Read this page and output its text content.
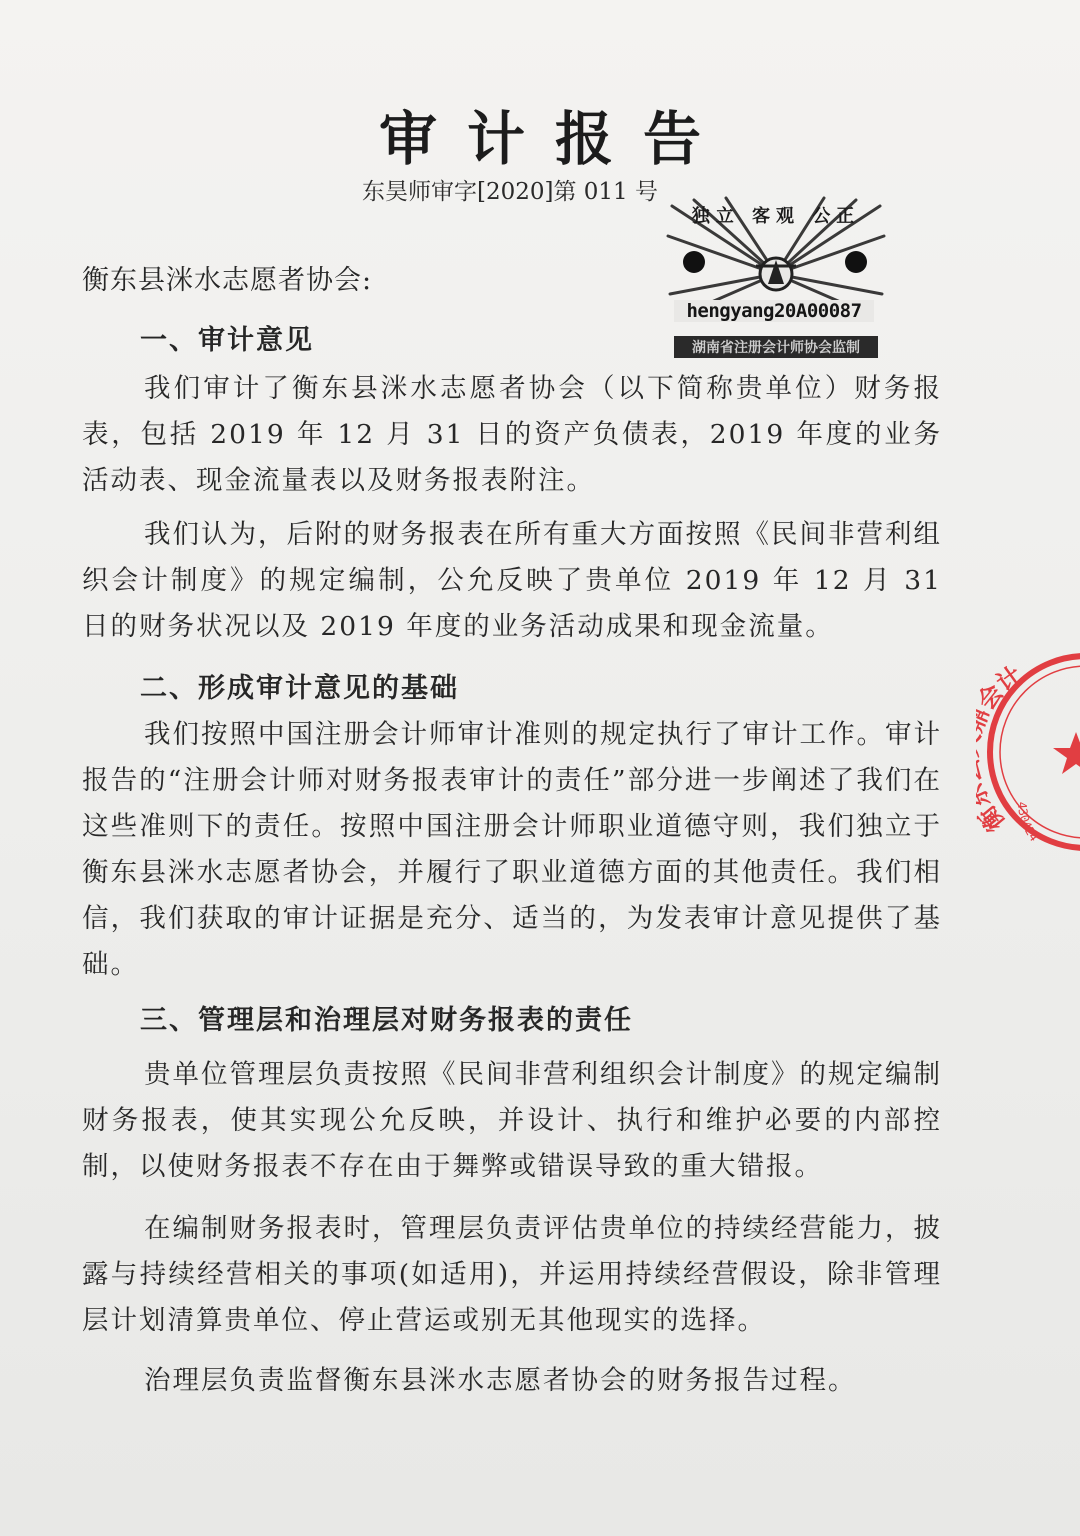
审计报告
东昊师审字[2020]第 011 号
衡东县洣水志愿者协会:
独立 客观 公正
hengyang20A00087
湖南省注册会计师协会监制
衡 计
430424
一、审计意见
我们审计了衡东县洣水志愿者协会（以下简称贵单位）财务报表，包括 2019 年 12 月 31 日的资产负债表，2019 年度的业务活动表、现金流量表以及财务报表附注。
我们认为，后附的财务报表在所有重大方面按照《民间非营利组织会计制度》的规定编制，公允反映了贵单位 2019 年 12 月 31 日的财务状况以及 2019 年度的业务活动成果和现金流量。
二、形成审计意见的基础
我们按照中国注册会计师审计准则的规定执行了审计工作。审计报告的“注册会计师对财务报表审计的责任”部分进一步阐述了我们在这些准则下的责任。按照中国注册会计师职业道德守则，我们独立于衡东县洣水志愿者协会，并履行了职业道德方面的其他责任。我们相信，我们获取的审计证据是充分、适当的，为发表审计意见提供了基础。
三、管理层和治理层对财务报表的责任
贵单位管理层负责按照《民间非营利组织会计制度》的规定编制财务报表，使其实现公允反映，并设计、执行和维护必要的内部控制，以使财务报表不存在由于舞弊或错误导致的重大错报。
在编制财务报表时，管理层负责评估贵单位的持续经营能力，披露与持续经营相关的事项(如适用)，并运用持续经营假设，除非管理层计划清算贵单位、停止营运或别无其他现实的选择。
治理层负责监督衡东县洣水志愿者协会的财务报告过程。
